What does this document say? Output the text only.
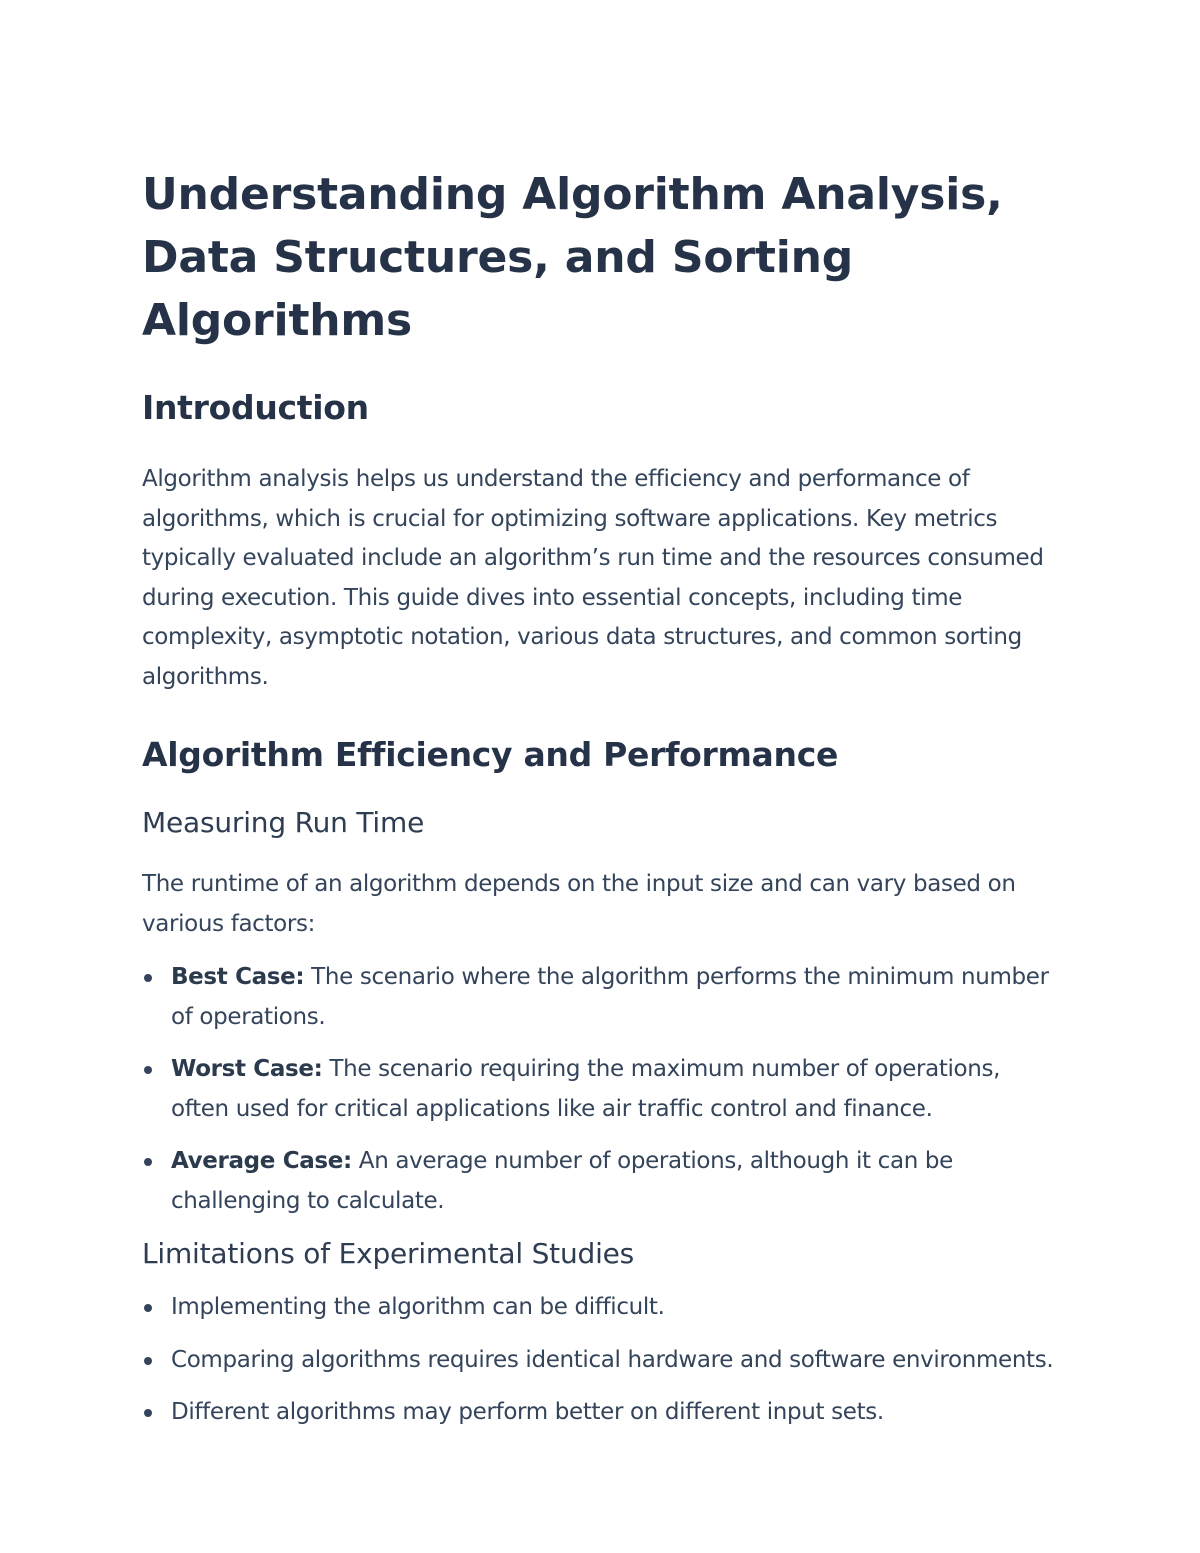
Understanding Algorithm Analysis, Data Structures, and Sorting Algorithms
Introduction

Algorithm analysis helps us understand the efficiency and performance of algorithms, which is crucial for optimizing software applications. Key metrics typically evaluated include an algorithm’s run time and the resources consumed during execution. This guide dives into essential concepts, including time complexity, asymptotic notation, various data structures, and common sorting algorithms.

Algorithm Efficiency and Performance
Measuring Run Time

The runtime of an algorithm depends on the input size and can vary based on various factors:

Best Case: The scenario where the algorithm performs the minimum number of operations.
Worst Case: The scenario requiring the maximum number of operations, often used for critical applications like air traffic control and finance.
Average Case: An average number of operations, although it can be challenging to calculate.
Limitations of Experimental Studies
Implementing the algorithm can be difficult.
Comparing algorithms requires identical hardware and software environments.
Different algorithms may perform better on different input sets.
